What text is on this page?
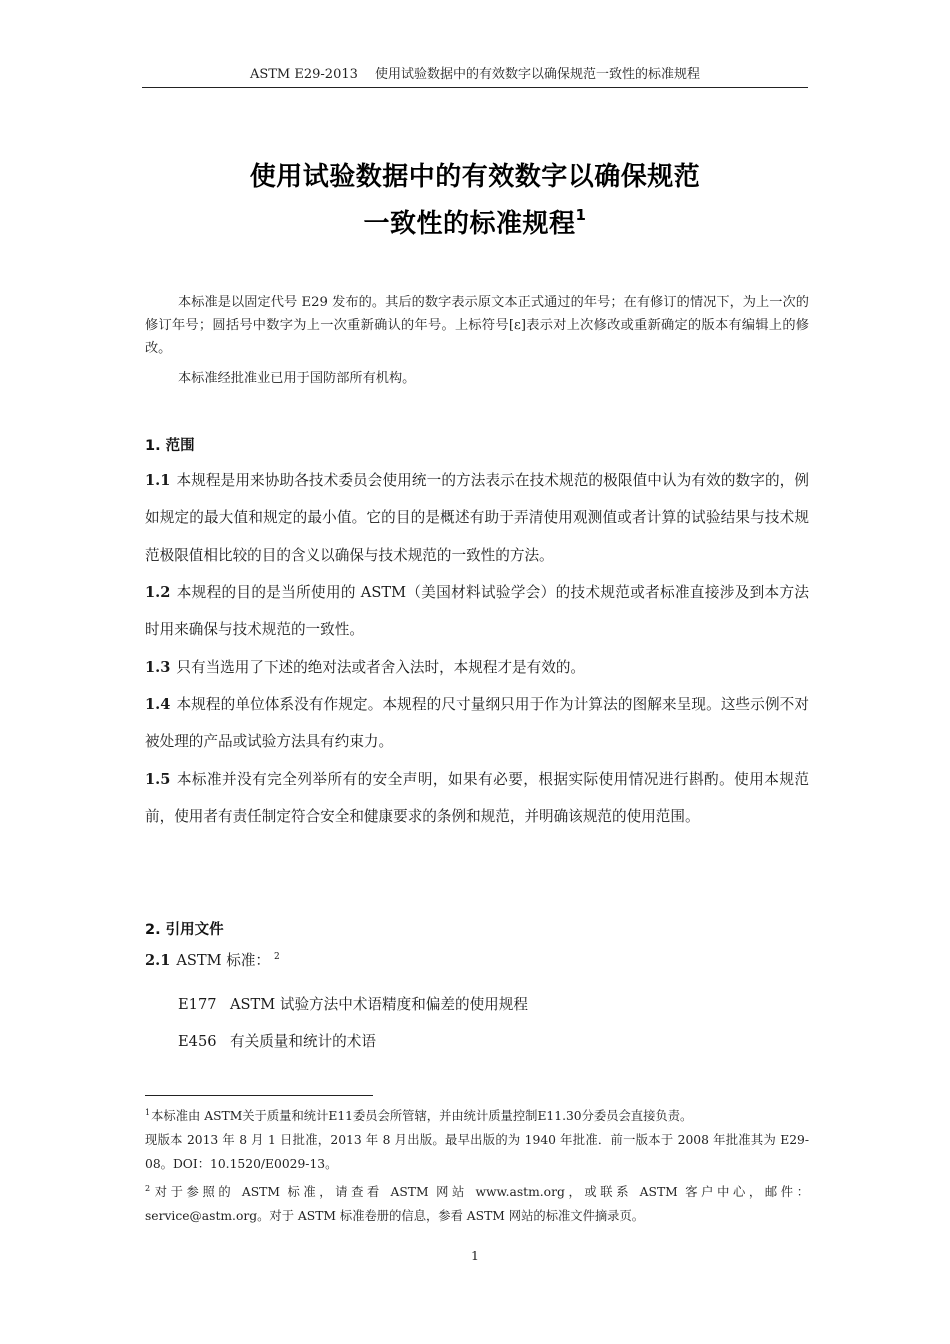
ASTM E29-2013　 使用试验数据中的有效数字以确保规范一致性的标准规程
使用试验数据中的有效数字以确保规范
一致性的标准规程$^1$

本标准是以固定代号 E29 发布的。其后的数字表示原文本正式通过的年号；在有修订的情况下，为上一次的修订年号；圆括号中数字为上一次重新确认的年号。上标符号[ε]表示对上次修改或重新确定的版本有编辑上的修改。

本标准经批准业已用于国防部所有机构。

1. 范围

1.1 本规程是用来协助各技术委员会使用统一的方法表示在技术规范的极限值中认为有效的数字的，例如规定的最大值和规定的最小值。它的目的是概述有助于弄清使用观测值或者计算的试验结果与技术规范极限值相比较的目的含义以确保与技术规范的一致性的方法。

1.2 本规程的目的是当所使用的 ASTM（美国材料试验学会）的技术规范或者标准直接涉及到本方法时用来确保与技术规范的一致性。

1.3 只有当选用了下述的绝对法或者舍入法时，本规程才是有效的。

1.4 本规程的单位体系没有作规定。本规程的尺寸量纲只用于作为计算法的图解来呈现。这些示例不对被处理的产品或试验方法具有约束力。

1.5 本标准并没有完全列举所有的安全声明，如果有必要，根据实际使用情况进行斟酌。使用本规范前，使用者有责任制定符合安全和健康要求的条例和规范，并明确该规范的使用范围。

2. 引用文件

2.1 ASTM 标准： $^2$

E177 ASTM 试验方法中术语精度和偏差的使用规程

E456 有关质量和统计的术语

$^1$本标准由 ASTM关于质量和统计E11委员会所管辖，并由统计质量控制E11.30分委员会直接负责。

现版本 2013 年 8 月 1 日批准，2013 年 8 月出版。最早出版的为 1940 年批准．前一版本于 2008 年批准其为 E29-08。DOI：10.1520/E0029-13。

$^2$对于参照的 ASTM 标准，请查看 ASTM 网站 www.astm.org，或联系 ASTM 客户中心，邮件：service@astm.org。对于 ASTM 标准卷册的信息，参看 ASTM 网站的标准文件摘录页。

1
